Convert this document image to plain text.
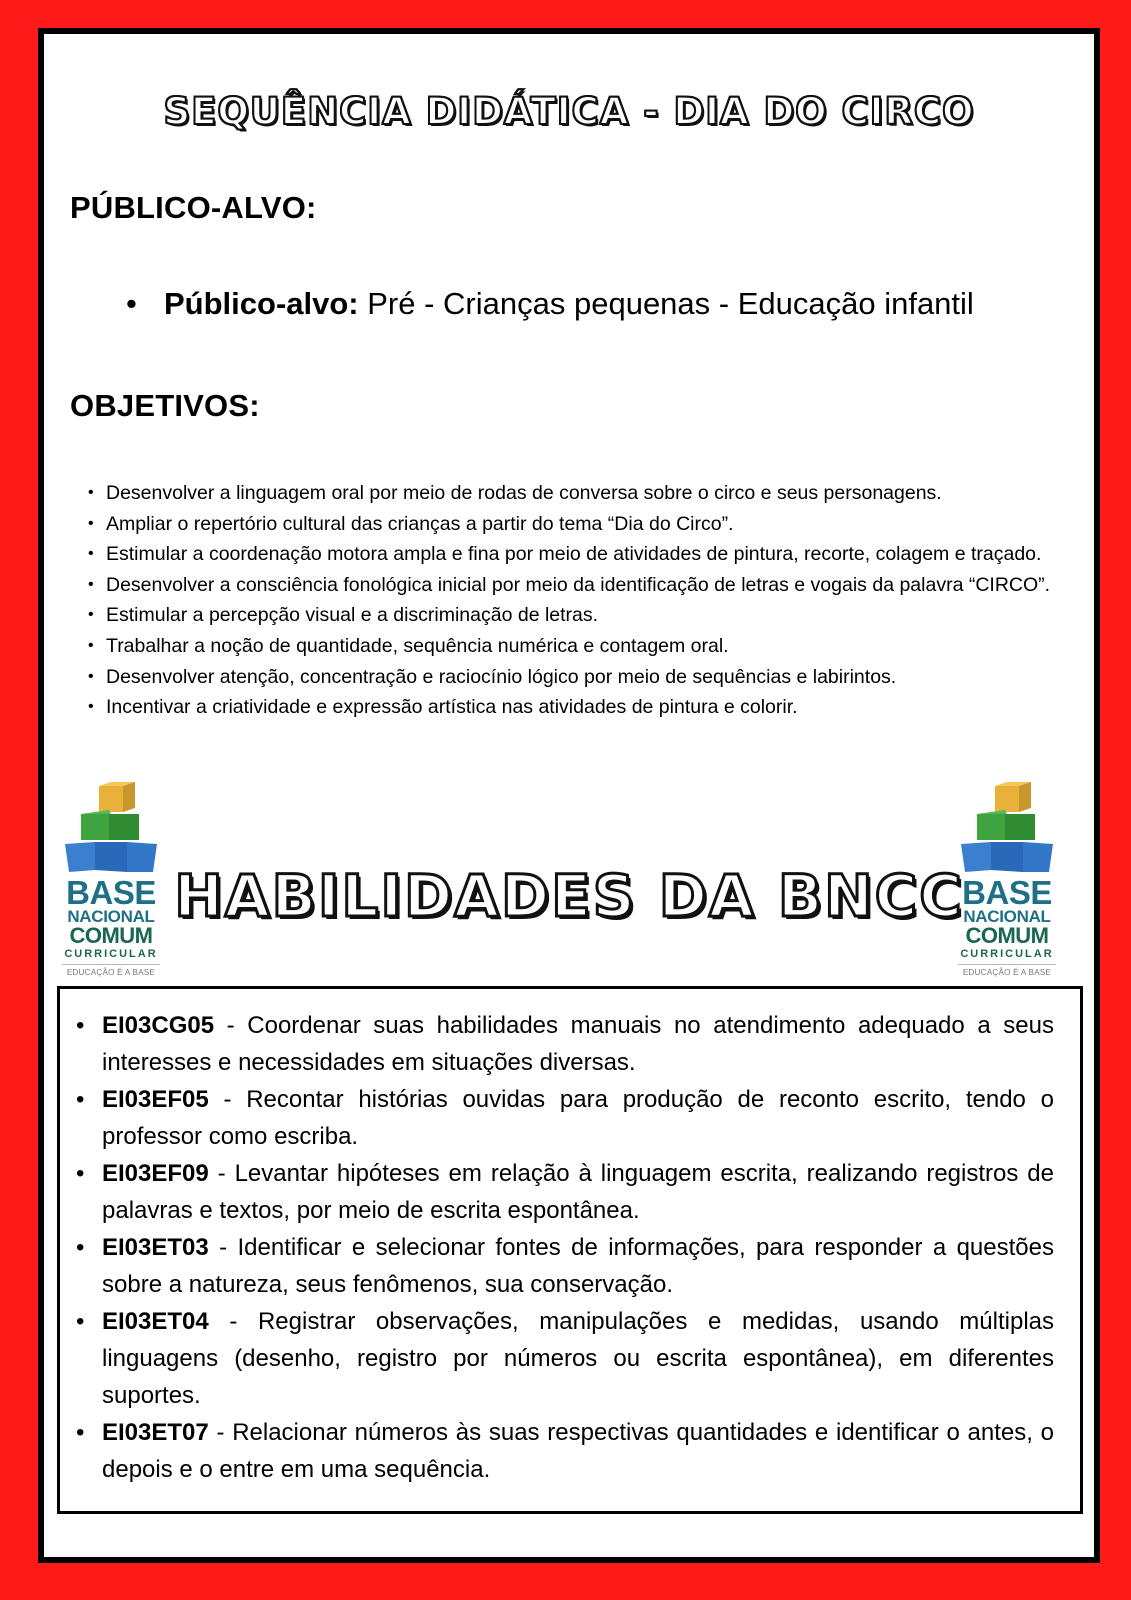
SEQUÊNCIA DIDÁTICA - DIA DO CIRCO
PÚBLICO-ALVO:
• Público-alvo: Pré - Crianças pequenas - Educação infantil
OBJETIVOS:
• Desenvolver a linguagem oral por meio de rodas de conversa sobre o circo e seus personagens.
• Ampliar o repertório cultural das crianças a partir do tema “Dia do Circo”.
• Estimular a coordenação motora ampla e fina por meio de atividades de pintura, recorte, colagem e traçado.
• Desenvolver a consciência fonológica inicial por meio da identificação de letras e vogais da palavra “CIRCO”.
• Estimular a percepção visual e a discriminação de letras.
• Trabalhar a noção de quantidade, sequência numérica e contagem oral.
• Desenvolver atenção, concentração e raciocínio lógico por meio de sequências e labirintos.
• Incentivar a criatividade e expressão artística nas atividades de pintura e colorir.
BASE
NACIONAL
COMUM
CURRICULAR
EDUCAÇÃO É A BASE
HABILIDADES DA BNCC
BASE
NACIONAL
COMUM
CURRICULAR
EDUCAÇÃO É A BASE
• EI03CG05 - Coordenar suas habilidades manuais no atendimento adequado a seus interesses e necessidades em situações diversas.
• EI03EF05 - Recontar histórias ouvidas para produção de reconto escrito, tendo o professor como escriba.
• EI03EF09 - Levantar hipóteses em relação à linguagem escrita, realizando registros de palavras e textos, por meio de escrita espontânea.
• EI03ET03 - Identificar e selecionar fontes de informações, para responder a questões sobre a natureza, seus fenômenos, sua conservação.
• EI03ET04 - Registrar observações, manipulações e medidas, usando múltiplas linguagens (desenho, registro por números ou escrita espontânea), em diferentes suportes.
• EI03ET07 - Relacionar números às suas respectivas quantidades e identificar o antes, o depois e o entre em uma sequência.
